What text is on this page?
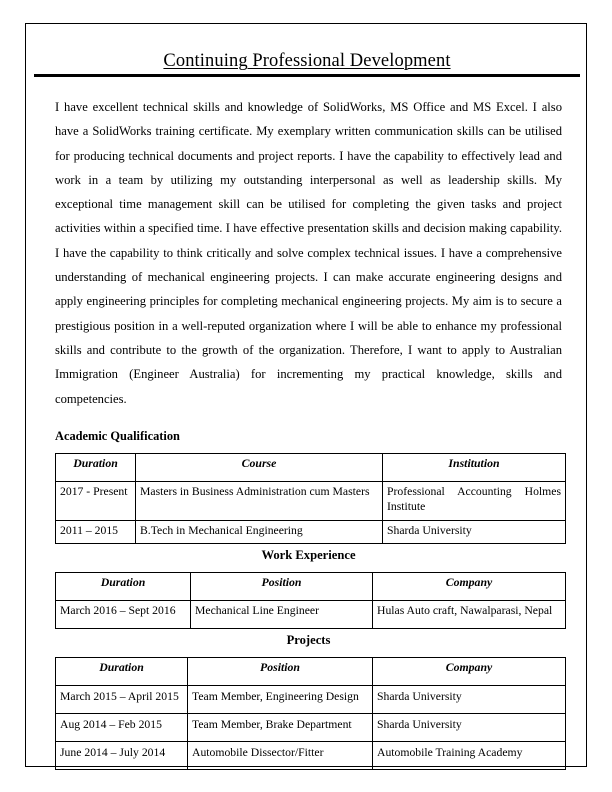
Continuing Professional Development

I have excellent technical skills and knowledge of SolidWorks, MS Office and MS Excel. I also have a SolidWorks training certificate. My exemplary written communication skills can be utilised for producing technical documents and project reports. I have the capability to effectively lead and work in a team by utilizing my outstanding interpersonal as well as leadership skills. My exceptional time management skill can be utilised for completing the given tasks and project activities within a specified time. I have effective presentation skills and decision making capability. I have the capability to think critically and solve complex technical issues. I have a comprehensive understanding of mechanical engineering projects. I can make accurate engineering designs and apply engineering principles for completing mechanical engineering projects. My aim is to secure a prestigious position in a well-reputed organization where I will be able to enhance my professional skills and contribute to the growth of the organization. Therefore, I want to apply to Australian Immigration (Engineer Australia) for incrementing my practical knowledge, skills and competencies.

Academic Qualification
Duration	Course	Institution
2017 - Present	Masters in Business Administration cum Masters	Professional Accounting Holmes Institute
2011 – 2015	B.Tech in Mechanical Engineering	Sharda University
Work Experience
Duration	Position	Company
March 2016 – Sept 2016	Mechanical Line Engineer	Hulas Auto craft, Nawalparasi, Nepal
Projects
Duration	Position	Company
March 2015 – April 2015	Team Member, Engineering Design	Sharda University
Aug 2014 – Feb 2015	Team Member, Brake Department	Sharda University
June 2014 – July 2014	Automobile Dissector/Fitter	Automobile Training Academy
